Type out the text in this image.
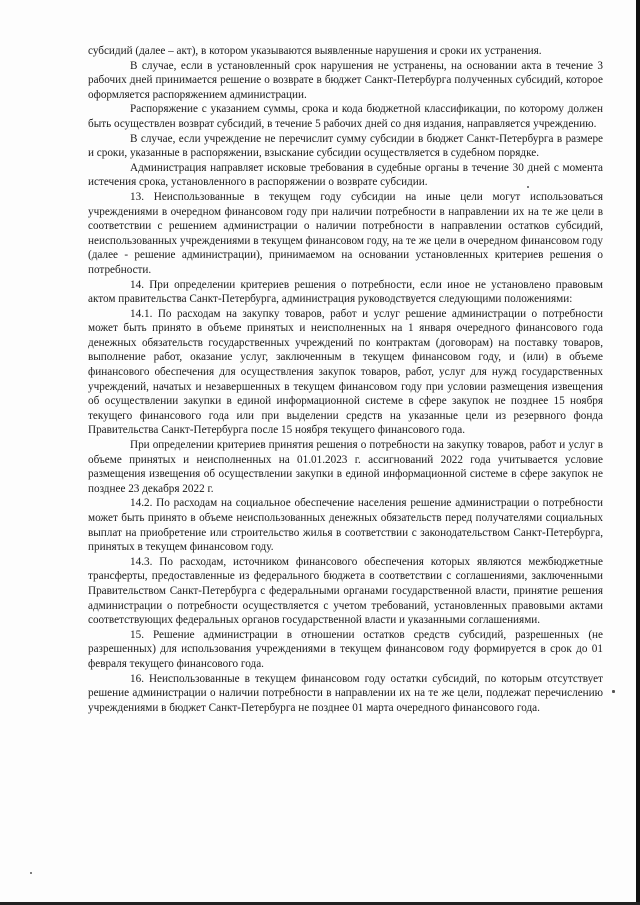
субсидий (далее – акт), в котором указываются выявленные нарушения и сроки их устранения.

В случае, если в установленный срок нарушения не устранены, на основании акта в течение 3 рабочих дней принимается решение о возврате в бюджет Санкт-Петербурга полученных субсидий, которое оформляется распоряжением администрации.

Распоряжение с указанием суммы, срока и кода бюджетной классификации, по которому должен быть осуществлен возврат субсидий, в течение 5 рабочих дней со дня издания, направляется учреждению.

В случае, если учреждение не перечислит сумму субсидии в бюджет Санкт-Петербурга в размере и сроки, указанные в распоряжении, взыскание субсидии осуществляется в судебном порядке.

Администрация направляет исковые требования в судебные органы в течение 30 дней с момента истечения срока, установленного в распоряжении о возврате субсидии.

13. Неиспользованные в текущем году субсидии на иные цели могут использоваться учреждениями в очередном финансовом году при наличии потребности в направлении их на те же цели в соответствии с решением администрации о наличии потребности в направлении остатков субсидий, неиспользованных учреждениями в текущем финансовом году, на те же цели в очередном финансовом году (далее - решение администрации), принимаемом на основании установленных критериев решения о потребности.

14. При определении критериев решения о потребности, если иное не установлено правовым актом правительства Санкт-Петербурга, администрация руководствуется следующими положениями:

14.1. По расходам на закупку товаров, работ и услуг решение администрации о потребности может быть принято в объеме принятых и неисполненных на 1 января очередного финансового года денежных обязательств государственных учреждений по контрактам (договорам) на поставку товаров, выполнение работ, оказание услуг, заключенным в текущем финансовом году, и (или) в объеме финансового обеспечения для осуществления закупок товаров, работ, услуг для нужд государственных учреждений, начатых и незавершенных в текущем финансовом году при условии размещения извещения об осуществлении закупки в единой информационной системе в сфере закупок не позднее 15 ноября текущего финансового года или при выделении средств на указанные цели из резервного фонда Правительства Санкт-Петербурга после 15 ноября текущего финансового года.

При определении критериев принятия решения о потребности на закупку товаров, работ и услуг в объеме принятых и неисполненных на 01.01.2023 г. ассигнований 2022 года учитывается условие размещения извещения об осуществлении закупки в единой информационной системе в сфере закупок не позднее 23 декабря 2022 г.

14.2. По расходам на социальное обеспечение населения решение администрации о потребности может быть принято в объеме неиспользованных денежных обязательств перед получателями социальных выплат на приобретение или строительство жилья в соответствии с законодательством Санкт-Петербурга, принятых в текущем финансовом году.

14.3. По расходам, источником финансового обеспечения которых являются межбюджетные трансферты, предоставленные из федерального бюджета в соответствии с соглашениями, заключенными Правительством Санкт-Петербурга с федеральными органами государственной власти, принятие решения администрации о потребности осуществляется с учетом требований, установленных правовыми актами соответствующих федеральных органов государственной власти и указанными соглашениями.

15. Решение администрации в отношении остатков средств субсидий, разрешенных (не разрешенных) для использования учреждениями в текущем финансовом году формируется в срок до 01 февраля текущего финансового года.

16. Неиспользованные в текущем финансовом году остатки субсидий, по которым отсутствует решение администрации о наличии потребности в направлении их на те же цели, подлежат перечислению учреждениями в бюджет Санкт-Петербурга не позднее 01 марта очередного финансового года.
